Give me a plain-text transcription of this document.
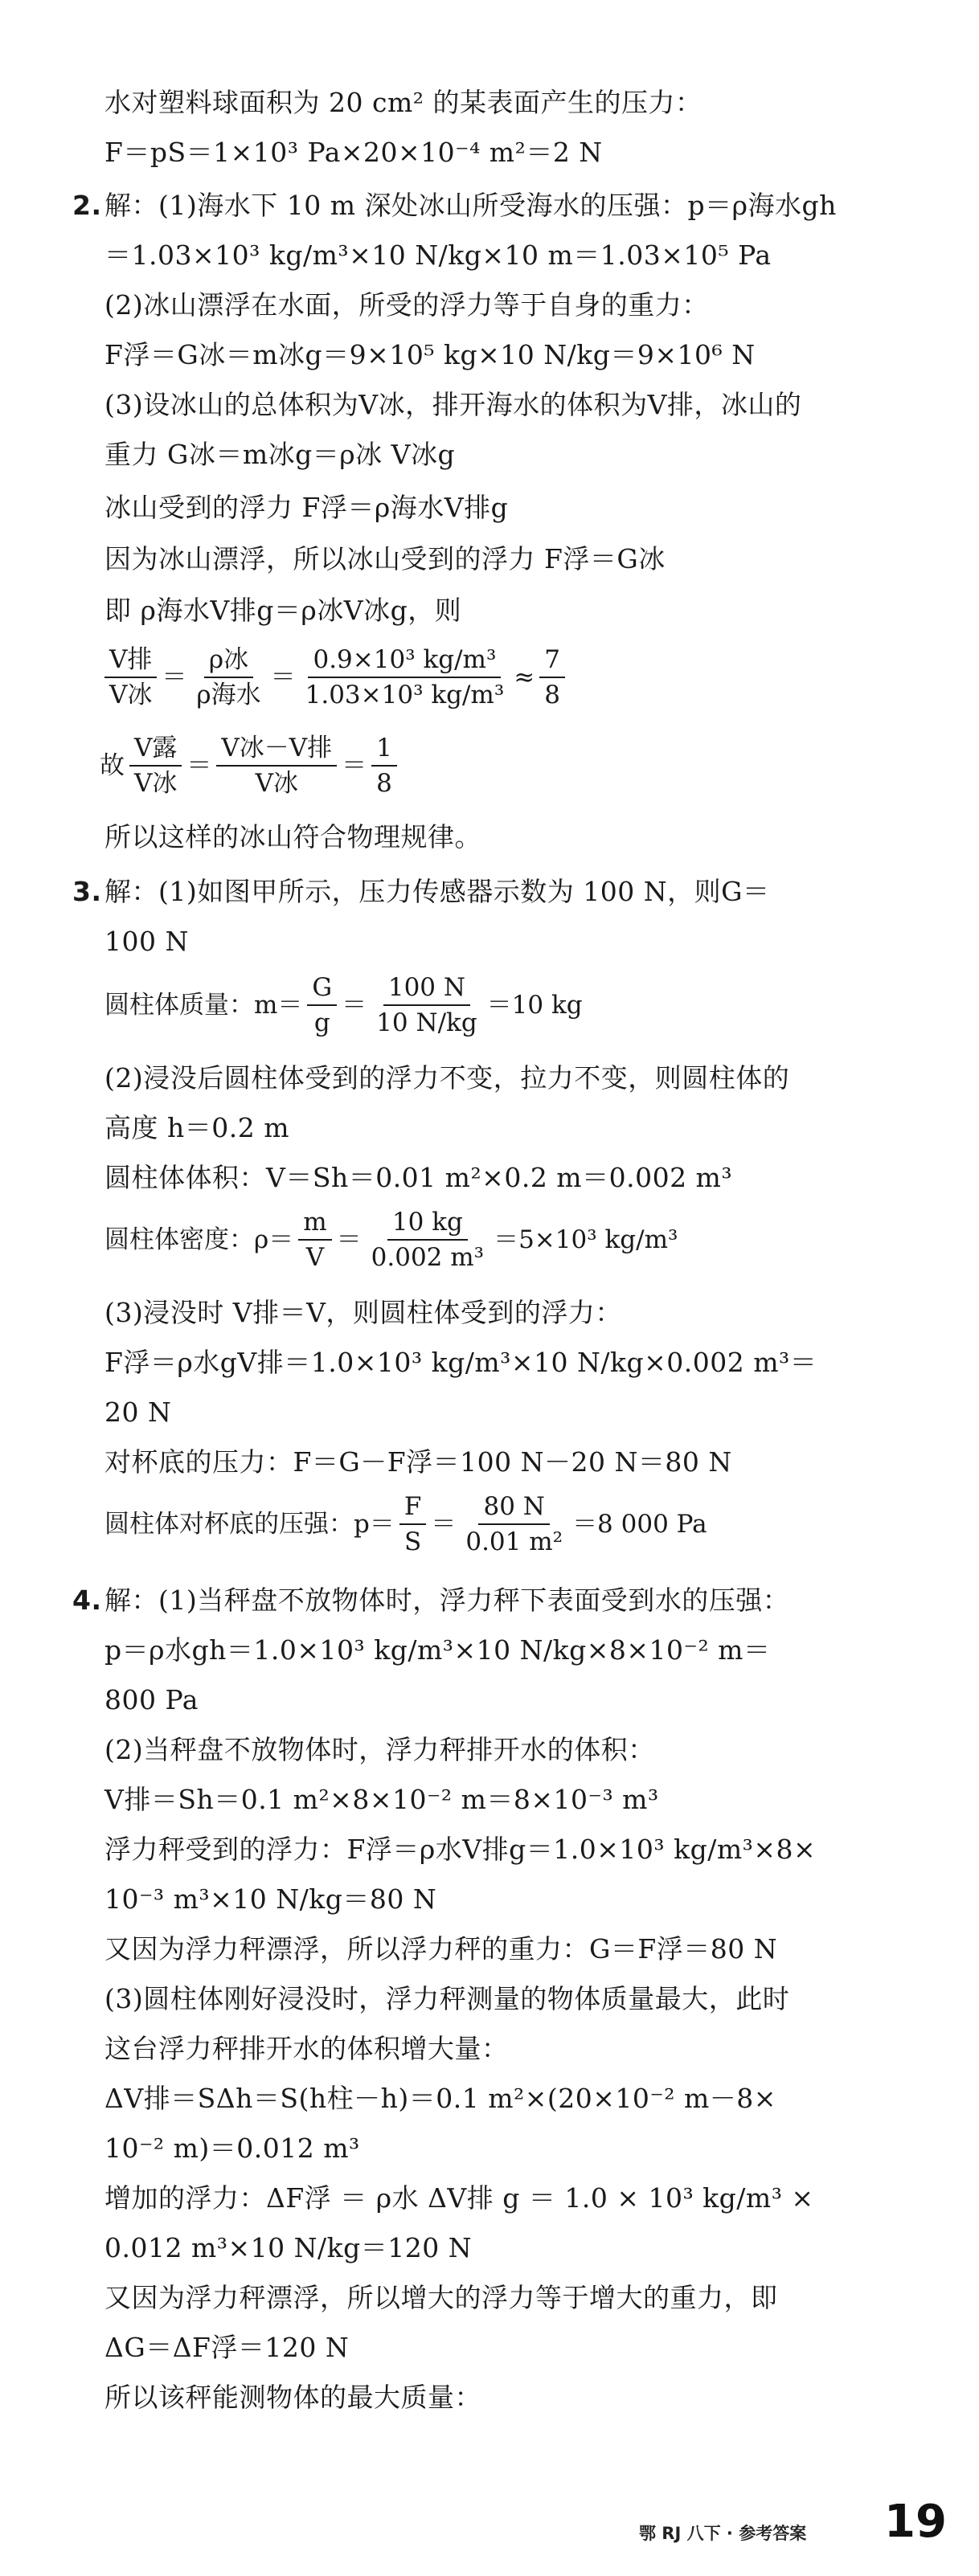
水对塑料球面积为 20 cm² 的某表面产生的压力：
F＝pS＝1×10³ Pa×20×10⁻⁴ m²＝2 N
2. 解：(1)海水下 10 m 深处冰山所受海水的压强：p＝ρ海水gh
＝1.03×10³ kg/m³×10 N/kg×10 m＝1.03×10⁵ Pa
(2)冰山漂浮在水面，所受的浮力等于自身的重力：
F浮＝G冰＝m冰g＝9×10⁵ kg×10 N/kg＝9×10⁶ N
(3)设冰山的总体积为V冰，排开海水的体积为V排，冰山的
重力 G冰＝m冰g＝ρ冰 V冰g
冰山受到的浮力 F浮＝ρ海水V排g
因为冰山漂浮，所以冰山受到的浮力 F浮＝G冰
即 ρ海水V排g＝ρ冰V冰g，则
$\frac{\text{V排}}{\text{V冰}} = \frac{\text{ρ冰}}{\text{ρ海水}} = \frac{\text{0.9×10³ kg/m³}}{\text{1.03×10³ kg/m³}} \approx \frac{7}{8}$
故 $\frac{\text{V露}}{\text{V冰}} = \frac{\text{V冰－V排}}{\text{V冰}} = \frac{1}{8}$
所以这样的冰山符合物理规律。
3. 解：(1)如图甲所示，压力传感器示数为 100 N，则G＝
100 N
圆柱体质量：$m= \frac{G}{g} = \frac{100 N}{10 N/kg} =10$ kg
(2)浸没后圆柱体受到的浮力不变，拉力不变，则圆柱体的
高度 h＝0.2 m
圆柱体体积：V＝Sh＝0.01 m²×0.2 m＝0.002 m³
圆柱体密度：$\rho= \frac{m}{V} = \frac{10 kg}{\text{0.002 m³}} =5\times 10^3$ kg/m³
(3)浸没时 V排＝V，则圆柱体受到的浮力：
F浮＝ρ水gV排＝1.0×10³ kg/m³×10 N/kg×0.002 m³＝
20 N
对杯底的压力：F＝G－F浮＝100 N－20 N＝80 N
圆柱体对杯底的压强：$p= \frac{F}{S} = \frac{80 N}{\text{0.01 m²}} =8$ 000 Pa
4. 解：(1)当秤盘不放物体时，浮力秤下表面受到水的压强：
p＝ρ水gh＝1.0×10³ kg/m³×10 N/kg×8×10⁻² m＝
800 Pa
(2)当秤盘不放物体时，浮力秤排开水的体积：
V排＝Sh＝0.1 m²×8×10⁻² m＝8×10⁻³ m³
浮力秤受到的浮力：F浮＝ρ水V排g＝1.0×10³ kg/m³×8×
10⁻³ m³×10 N/kg＝80 N
又因为浮力秤漂浮，所以浮力秤的重力：G＝F浮＝80 N
(3)圆柱体刚好浸没时，浮力秤测量的物体质量最大，此时
这台浮力秤排开水的体积增大量：
ΔV排＝SΔh＝S(h柱－h)＝0.1 m²×(20×10⁻² m－8×
10⁻² m)＝0.012 m³
增加的浮力：ΔF浮 ＝ ρ水 ΔV排 g ＝ 1.0 × 10³ kg/m³ ×
0.012 m³×10 N/kg＝120 N
又因为浮力秤漂浮，所以增大的浮力等于增大的重力，即
ΔG＝ΔF浮＝120 N
所以该秤能测物体的最大质量：
鄂 RJ 八下 · 参考答案 19
